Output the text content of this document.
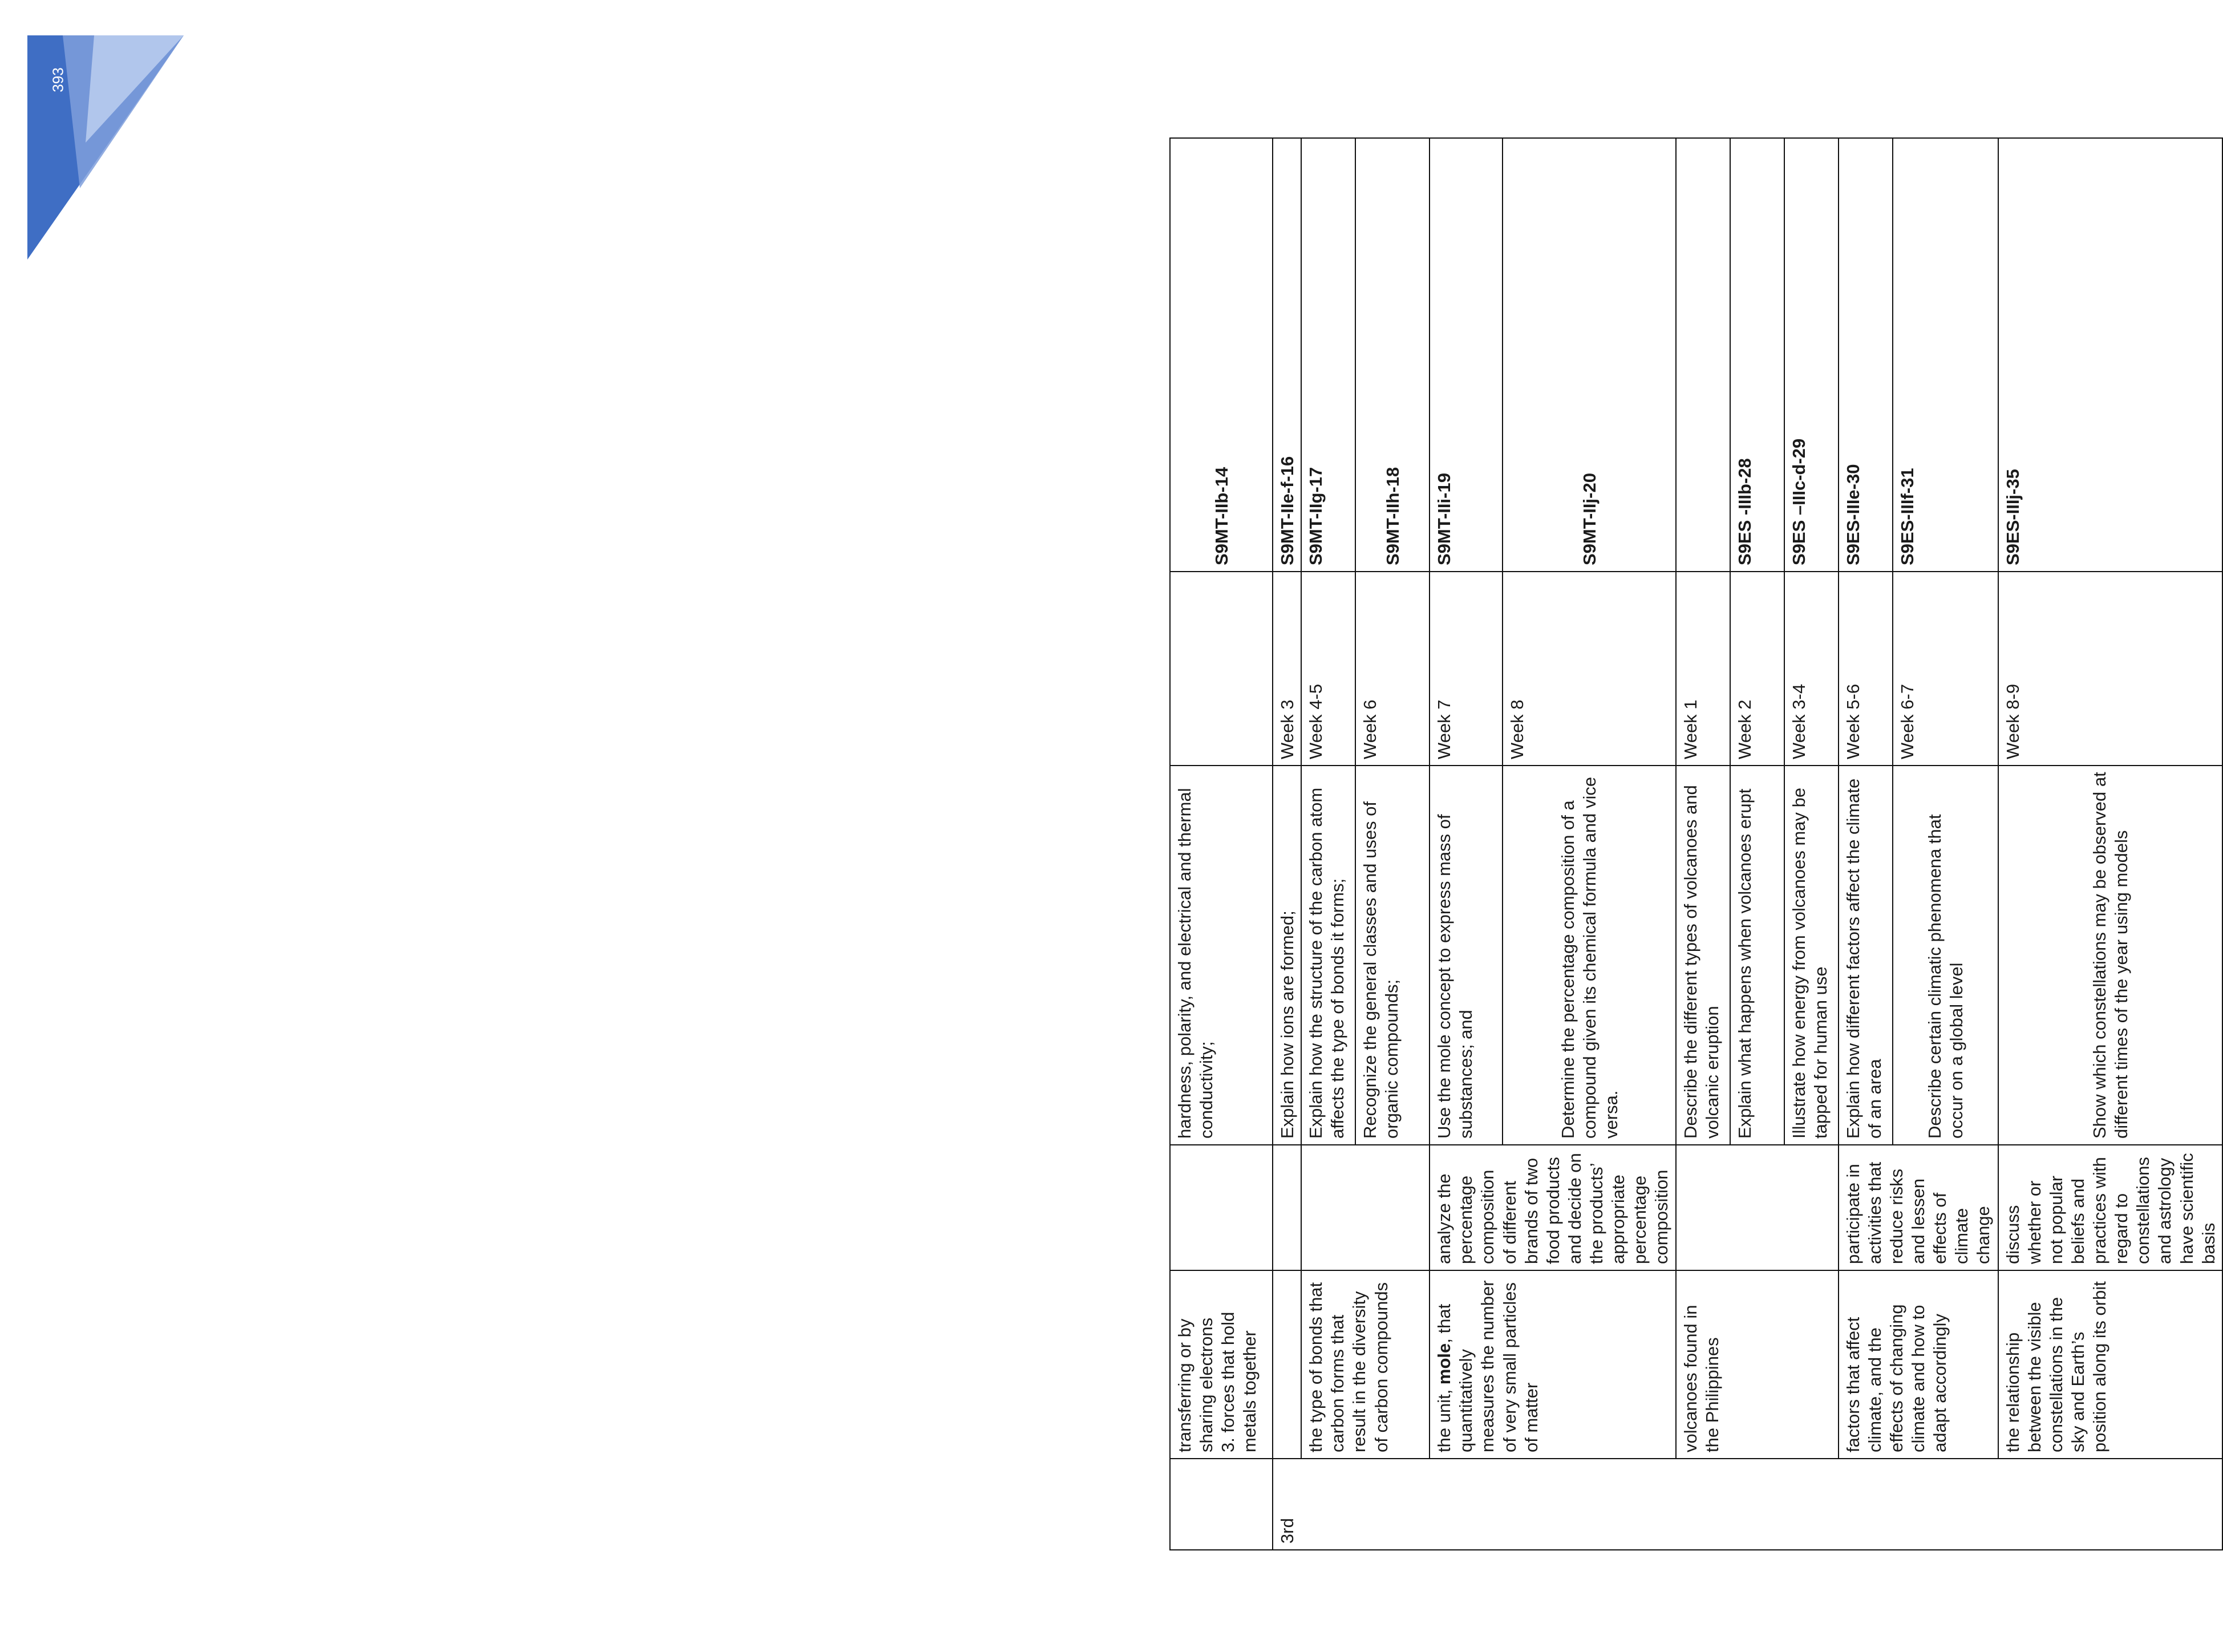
393

	transferring or by sharing electrons 3. forces that hold metals together		hardness, polarity, and electrical and thermal conductivity;		S9MT-IIb-14
3rd			Explain how ions are formed;	Week 3	S9MT-IIe-f-16
	the type of bonds that carbon forms that result in the diversity of carbon compounds		Explain how the structure of the carbon atom affects the type of bonds it forms;	Week 4-5	S9MT-IIg-17
			Recognize the general classes and uses of organic compounds;	Week 6	S9MT-IIh-18
	the unit, mole, that quantitatively measures the number of very small particles of matter	analyze the percentage composition of different brands of two food products and decide on the products’ appropriate percentage composition	Use the mole concept to express mass of substances; and	Week 7	S9MT-IIi-19
			Determine the percentage composition of a compound given its chemical formula and vice versa.	Week 8	S9MT-IIj-20
	volcanoes found in the Philippines		Describe the different types of volcanoes and volcanic eruption	Week 1	
			Explain what happens when volcanoes erupt	Week 2	S9ES -IIIb-28
			Illustrate how energy from volcanoes may be tapped for human use	Week 3-4	S9ES –IIIc-d-29
	factors that affect climate, and the effects of changing climate and how to adapt accordingly	participate in activities that reduce risks and lessen effects of climate change	Explain how different factors affect the climate of an area	Week 5-6	S9ES-IIIe-30
			Describe certain climatic phenomena that occur on a global level	Week 6-7	S9ES-IIIf-31
	the relationship between the visible constellations in the sky and Earth’s position along its orbit	discuss whether or not popular beliefs and practices with regard to constellations and astrology have scientific basis	Show which constellations may be observed at different times of the year using models	Week 8-9	S9ES-IIIj-35
